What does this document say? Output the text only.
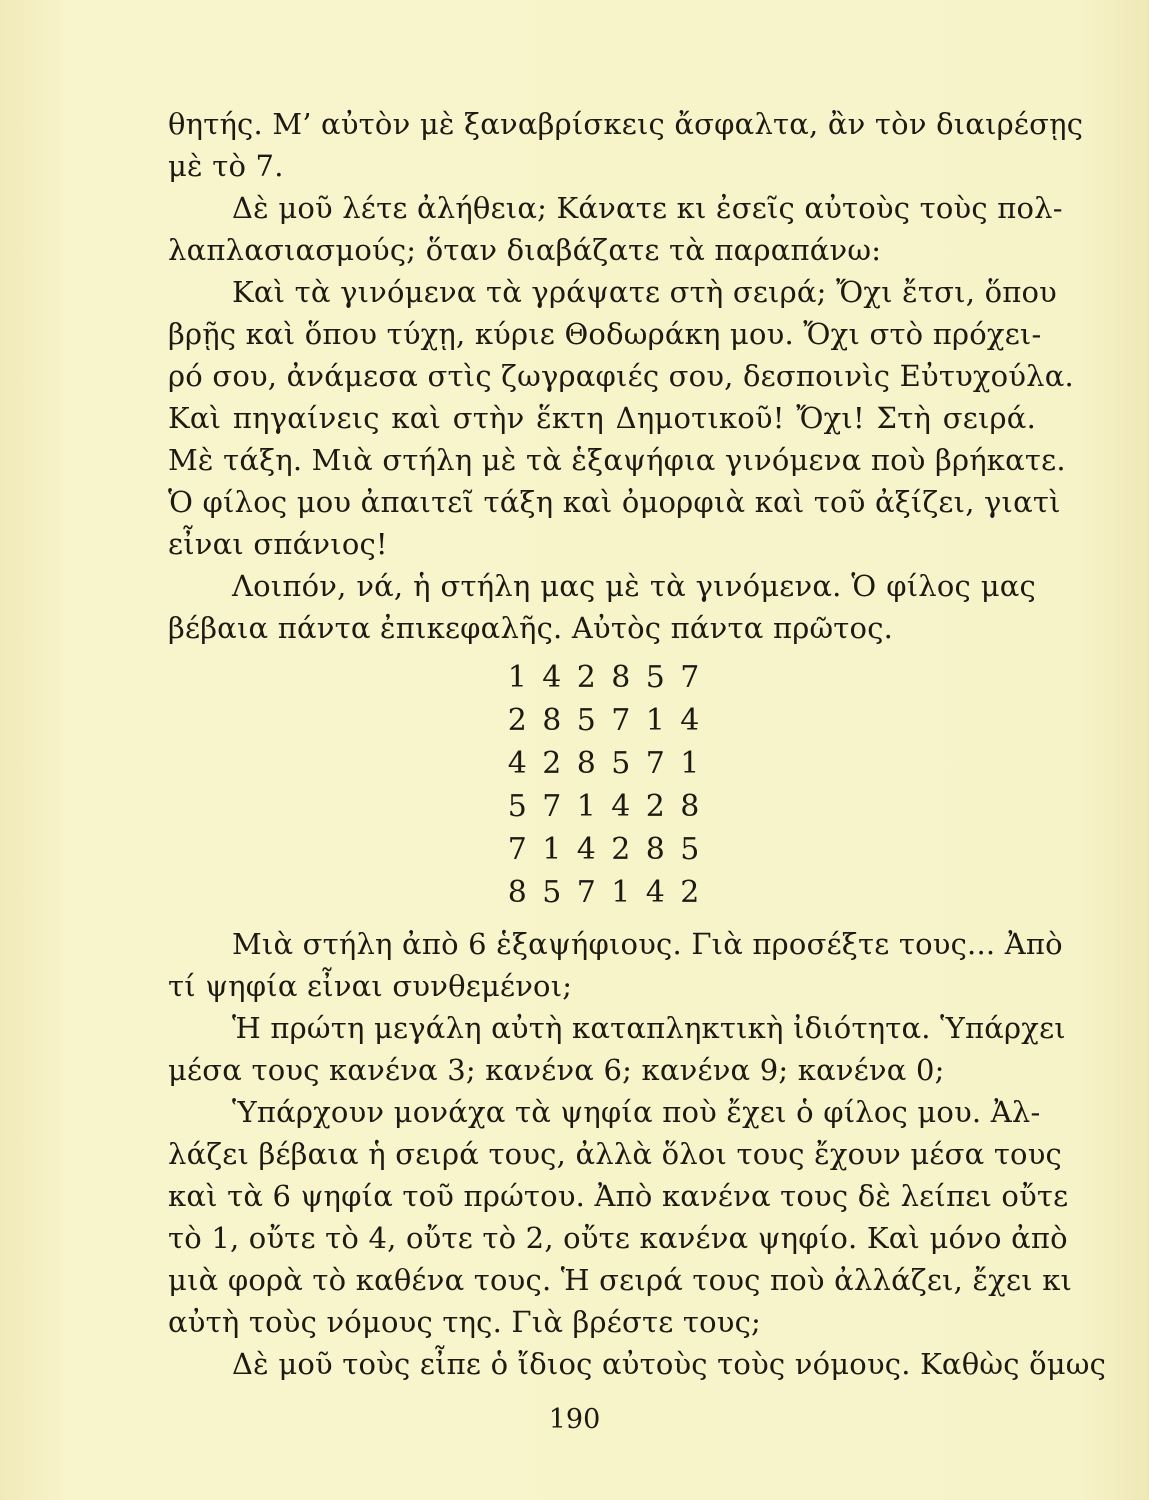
θητής. Μ’ αὐτὸν μὲ ξαναβρίσκεις ἄσφαλτα, ἂν τὸν διαιρέσῃς
μὲ τὸ 7.
Δὲ μοῦ λέτε ἀλήθεια; Κάνατε κι ἐσεῖς αὐτοὺς τοὺς πολ-
λαπλασιασμούς; ὅταν διαβάζατε τὰ παραπάνω:
Καὶ τὰ γινόμενα τὰ γράψατε στὴ σειρά; Ὄχι ἔτσι, ὅπου
βρῇς καὶ ὅπου τύχῃ, κύριε Θοδωράκη μου. Ὄχι στὸ πρόχει-
ρό σου, ἀνάμεσα στὶς ζωγραφιές σου, δεσποινὶς Εὐτυχούλα.
Καὶ πηγαίνεις καὶ στὴν ἕκτη Δημοτικοῦ! Ὄχι! Στὴ σειρά.
Μὲ τάξη. Μιὰ στήλη μὲ τὰ ἑξαψήφια γινόμενα ποὺ βρήκατε.
Ὁ φίλος μου ἀπαιτεῖ τάξη καὶ ὀμορφιὰ καὶ τοῦ ἀξίζει, γιατὶ
εἶναι σπάνιος!
Λοιπόν, νά, ἡ στήλη μας μὲ τὰ γινόμενα. Ὁ φίλος μας
βέβαια πάντα ἐπικεφαλῆς. Αὐτὸς πάντα πρῶτος.
1 4 2 8 5 7
2 8 5 7 1 4
4 2 8 5 7 1
5 7 1 4 2 8
7 1 4 2 8 5
8 5 7 1 4 2
Μιὰ στήλη ἀπὸ 6 ἑξαψήφιους. Γιὰ προσέξτε τους... Ἀπὸ
τί ψηφία εἶναι συνθεμένοι;
Ἡ πρώτη μεγάλη αὐτὴ καταπληκτικὴ ἰδιότητα. Ὑπάρχει
μέσα τους κανένα 3; κανένα 6; κανένα 9; κανένα 0;
Ὑπάρχουν μονάχα τὰ ψηφία ποὺ ἔχει ὁ φίλος μου. Ἀλ-
λάζει βέβαια ἡ σειρά τους, ἀλλὰ ὅλοι τους ἔχουν μέσα τους
καὶ τὰ 6 ψηφία τοῦ πρώτου. Ἀπὸ κανένα τους δὲ λείπει οὔτε
τὸ 1, οὔτε τὸ 4, οὔτε τὸ 2, οὔτε κανένα ψηφίο. Καὶ μόνο ἀπὸ
μιὰ φορὰ τὸ καθένα τους. Ἡ σειρά τους ποὺ ἀλλάζει, ἔχει κι
αὐτὴ τοὺς νόμους της. Γιὰ βρέστε τους;
Δὲ μοῦ τοὺς εἶπε ὁ ἴδιος αὐτοὺς τοὺς νόμους. Καθὼς ὅμως
190
